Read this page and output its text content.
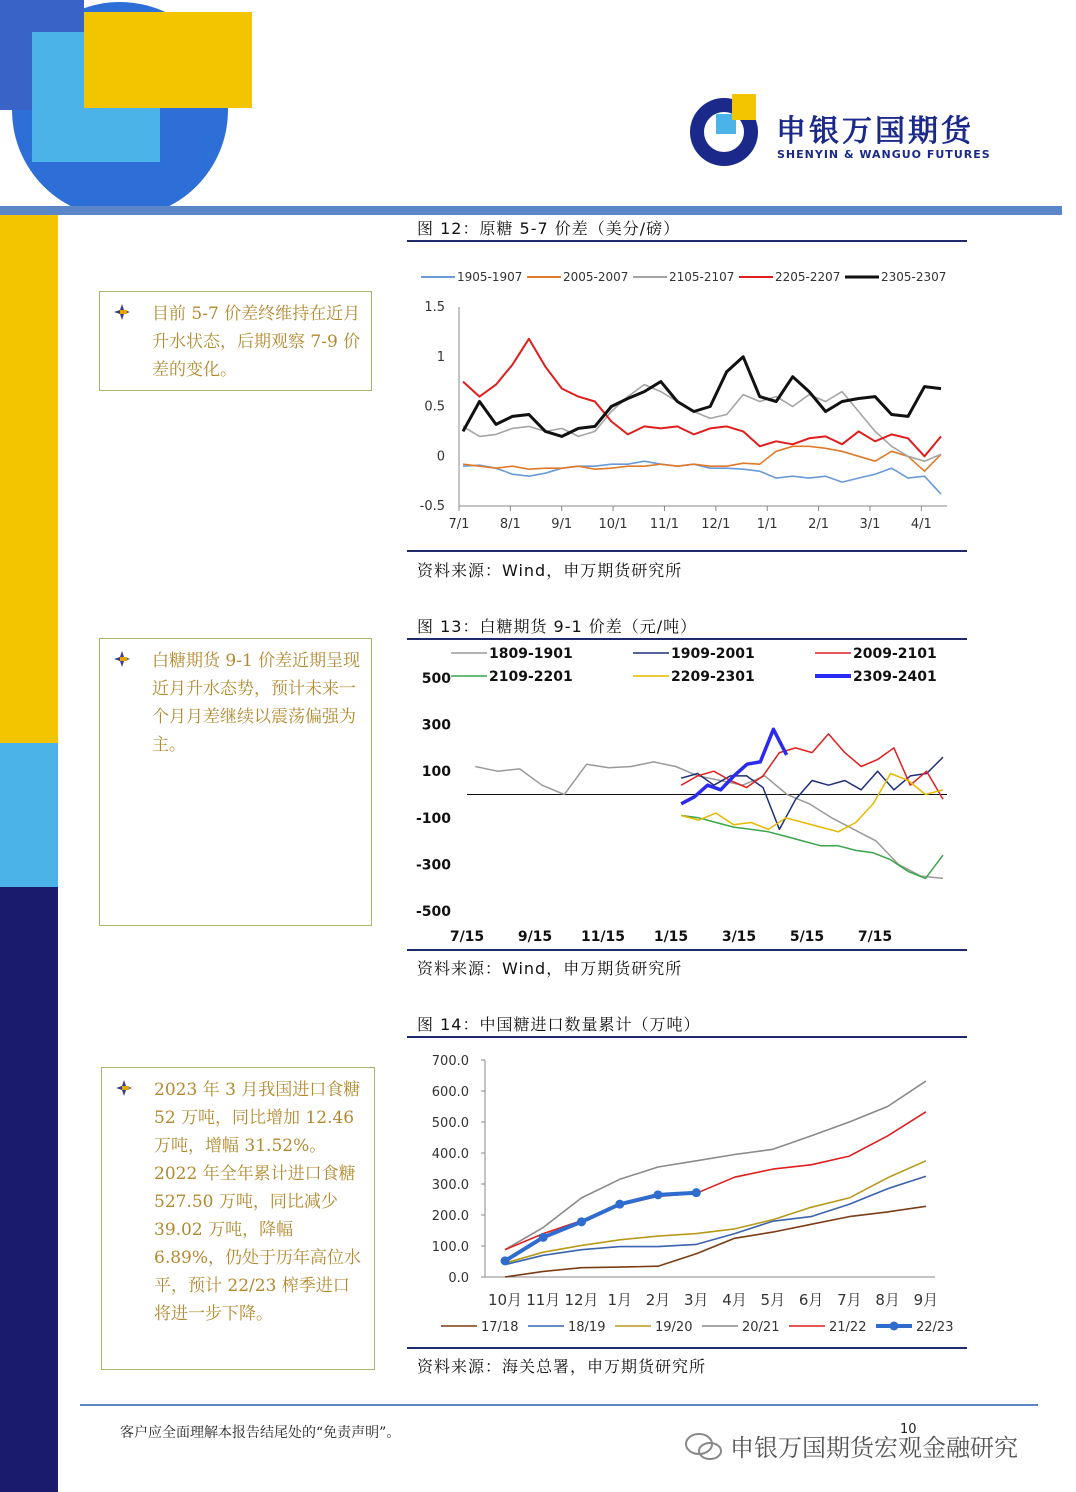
申银万国期货
SHENYIN & WANGUO FUTURES
目前 5-7 价差终维持在近月升水状态，后期观察 7-9 价差的变化。
白糖期货 9-1 价差近期呈现近月升水态势，预计未来一个月月差继续以震荡偏强为主。
2023 年 3 月我国进口食糖 52 万吨，同比增加 12.46 万吨，增幅 31.52%。2022 年全年累计进口食糖 527.50 万吨，同比减少 39.02 万吨，降幅 6.89%，仍处于历年高位水平，预计 22/23 榨季进口将进一步下降。
图 12：原糖 5-7 价差（美分/磅）
1.5
1
0.5
0
-0.5
7/1 8/1 9/1 10/1 11/1 12/1 1/1 2/1 3/1 4/1
1905-1907	2005-2007	2105-2107	2205-2207	2305-2307
资料来源：Wind，申万期货研究所
图 13：白糖期货 9-1 价差（元/吨）
500
300
100
-100
-300
-500
7/15 9/15 11/15 1/15 3/15 5/15 7/15
1809-1901	1909-2001	2009-2101
2109-2201	2209-2301	2309-2401
资料来源：Wind，申万期货研究所
图 14：中国糖进口数量累计（万吨）
700.0
600.0
500.0
400.0
300.0
200.0
100.0
0.0
10月 11月 12月 1月 2月 3月 4月 5月 6月 7月 8月 9月
17/18	18/19	19/20	20/21	21/22	22/23
资料来源：海关总署，申万期货研究所
客户应全面理解本报告结尾处的“免责声明”。	10
申银万国期货宏观金融研究
